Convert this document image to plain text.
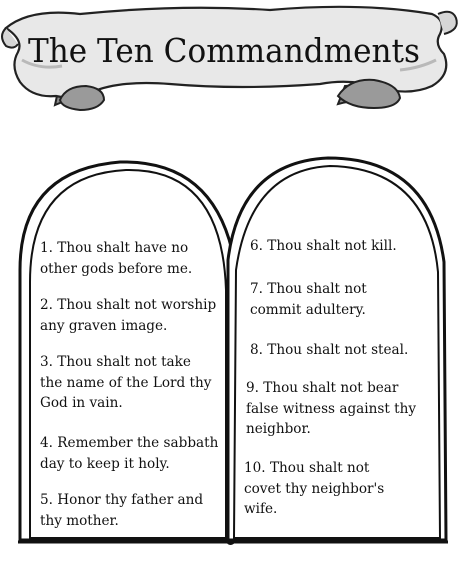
The Ten Commandments
1. Thou shalt have no
other gods before me.
2. Thou shalt not worship
any graven image.
3. Thou shalt not take
the name of the Lord thy
God in vain.
4. Remember the sabbath
day to keep it holy.
5. Honor thy father and
thy mother.
6. Thou shalt not kill.
7. Thou shalt not
commit adultery.
8. Thou shalt not steal.
9. Thou shalt not bear
false witness against thy
neighbor.
10. Thou shalt not
covet thy neighbor's
wife.
